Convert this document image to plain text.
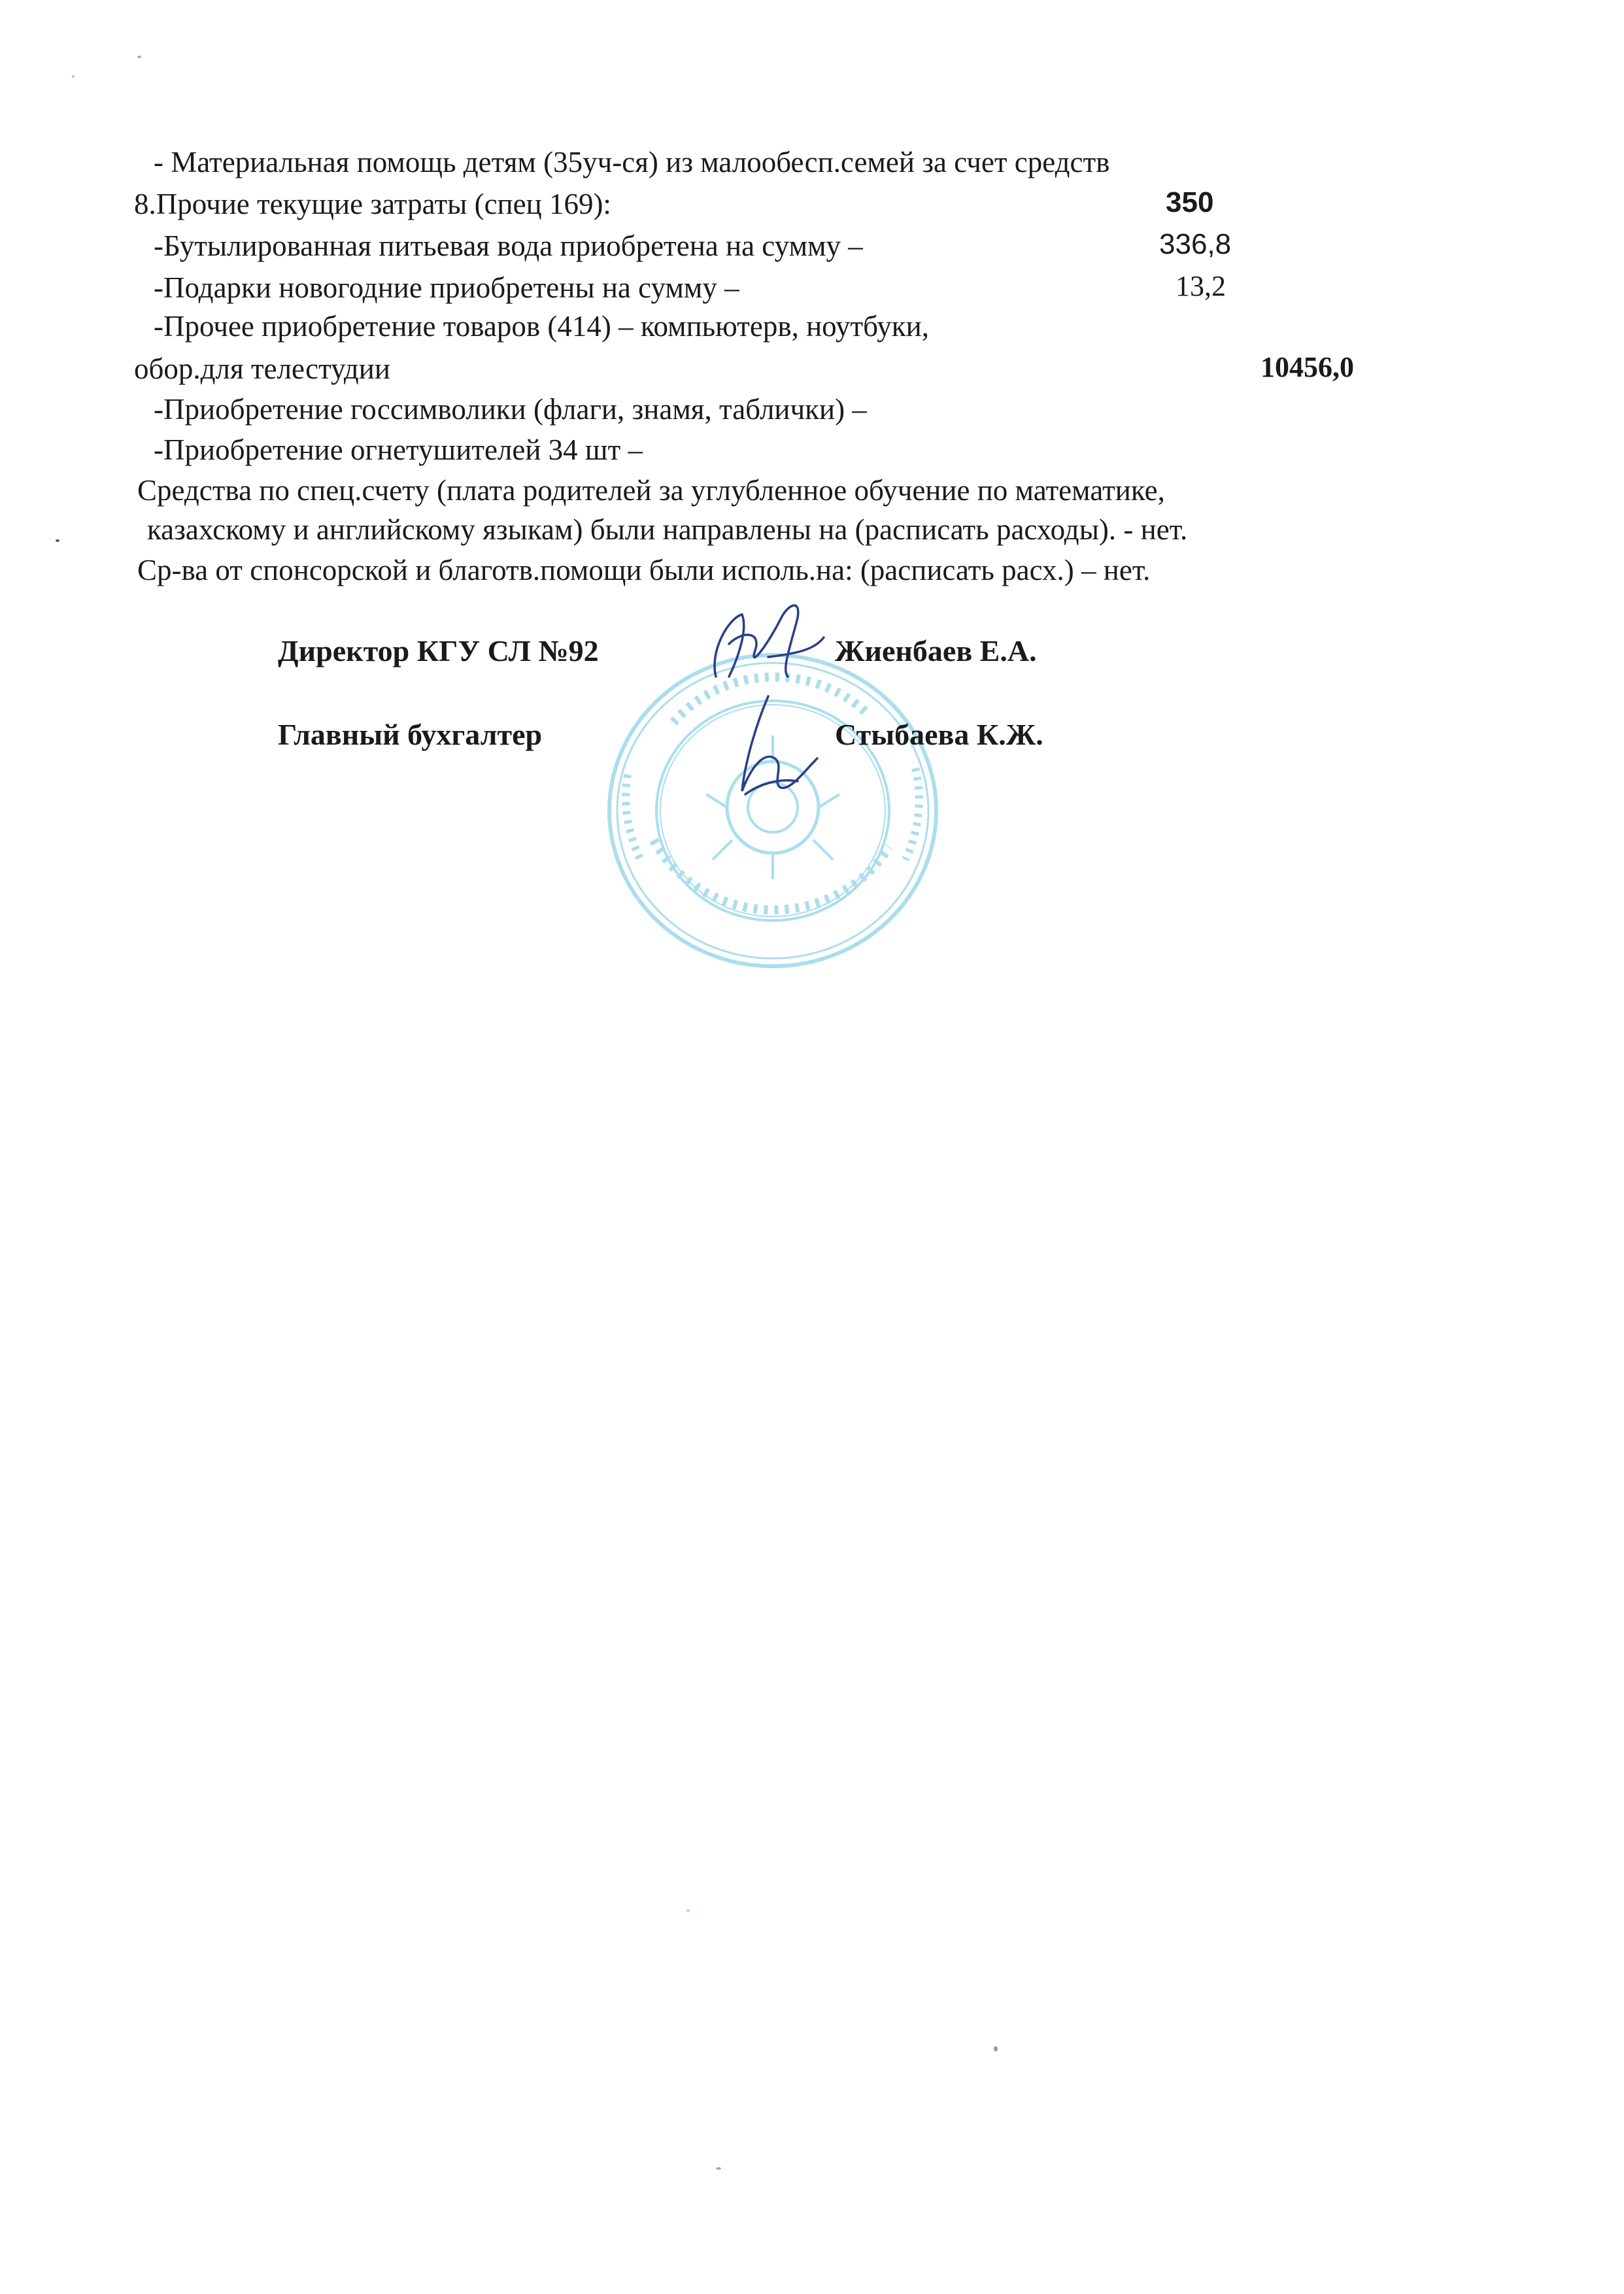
- Материальная помощь детям (35уч-ся) из малообесп.семей за счет средств
8.Прочие текущие затраты (спец 169):	350
-Бутылированная питьевая вода приобретена на сумму –	336,8
-Подарки новогодние приобретены на сумму –	13,2
-Прочее приобретение товаров (414) – компьютерв, ноутбуки,
обор.для телестудии	10456,0
-Приобретение госсимволики (флаги, знамя, таблички) –
-Приобретение огнетушителей 34 шт –
Средства по спец.счету (плата родителей за углубленное обучение по математике,
казахскому и английскому языкам) были направлены на (расписать расходы). - нет.
Ср-ва от спонсорской и благотв.помощи были исполь.на: (расписать расх.) – нет.
Директор КГУ СЛ №92	Жиенбаев Е.А.
Главный бухгалтер	Стыбаева К.Ж.
